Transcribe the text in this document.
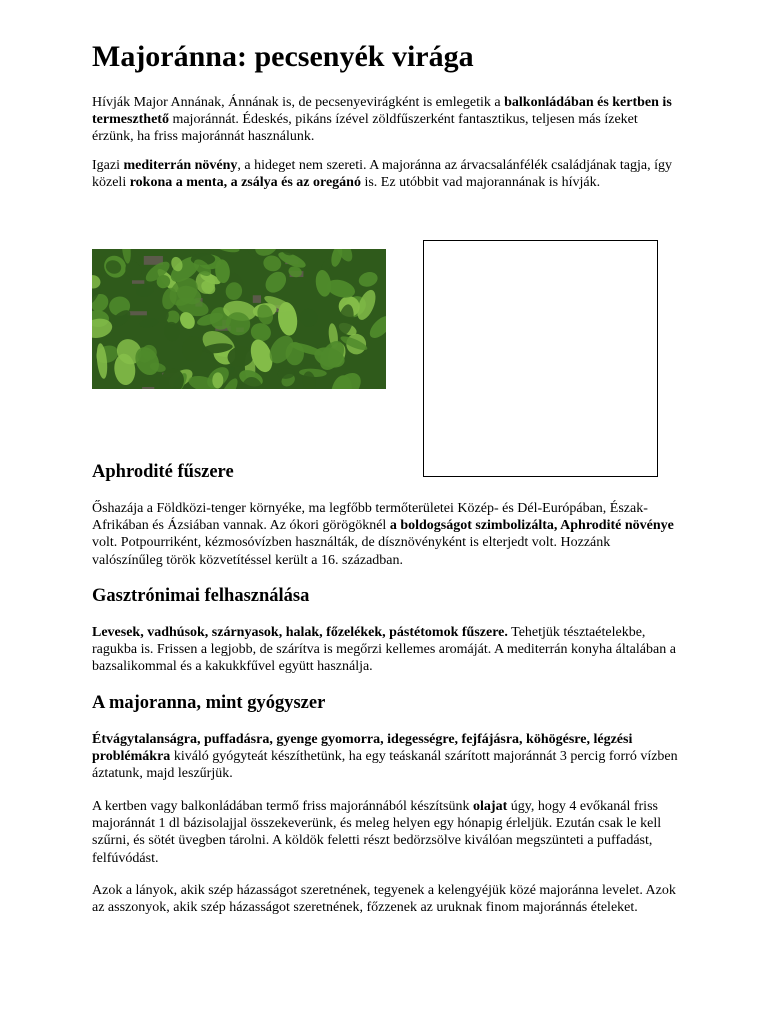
Majoránna: pecsenyék virága

Hívják Major Annának, Ánnának is, de pecsenyevirágként is emlegetik a balkonládában és kertben is termeszthető majoránnát. Édeskés, pikáns ízével zöldfűszerként fantasztikus, teljesen más ízeket érzünk, ha friss majoránnát használunk.

Igazi mediterrán növény, a hideget nem szereti. A majoránna az árvacsalánfélék családjának tagja, így közeli rokona a menta, a zsálya és az oregánó is. Ez utóbbit vad majorannának is hívják.

Aphrodité fűszere

Őshazája a Földközi-tenger környéke, ma legfőbb termőterületei Közép- és Dél-Európában, Észak-Afrikában és Ázsiában vannak. Az ókori görögöknél a boldogságot szimbolizálta, Aphrodité növénye volt. Potpourriként, kézmosóvízben használták, de dísznövényként is elterjedt volt. Hozzánk valószínűleg török közvetítéssel került a 16. században.

Gasztrónimai felhasználása

Levesek, vadhúsok, szárnyasok, halak, főzelékek, pástétomok fűszere. Tehetjük tésztaételekbe, ragukba is. Frissen a legjobb, de szárítva is megőrzi kellemes aromáját. A mediterrán konyha általában a bazsalikommal és a kakukkfűvel együtt használja.

A majoranna, mint gyógyszer

Étvágytalanságra, puffadásra, gyenge gyomorra, idegességre, fejfájásra, köhögésre, légzési problémákra kiváló gyógyteát készíthetünk, ha egy teáskanál szárított majoránnát 3 percig forró vízben áztatunk, majd leszűrjük.

A kertben vagy balkonládában termő friss majoránnából készítsünk olajat úgy, hogy 4 evőkanál friss majoránnát 1 dl bázisolajjal összekeverünk, és meleg helyen egy hónapig érleljük. Ezután csak le kell szűrni, és sötét üvegben tárolni. A köldök feletti részt bedörzsölve kiválóan megszünteti a puffadást, felfúvódást.

Azok a lányok, akik szép házasságot szeretnének, tegyenek a kelengyéjük közé majoránna levelet. Azok az asszonyok, akik szép házasságot szeretnének, főzzenek az uruknak finom majoránnás ételeket.
